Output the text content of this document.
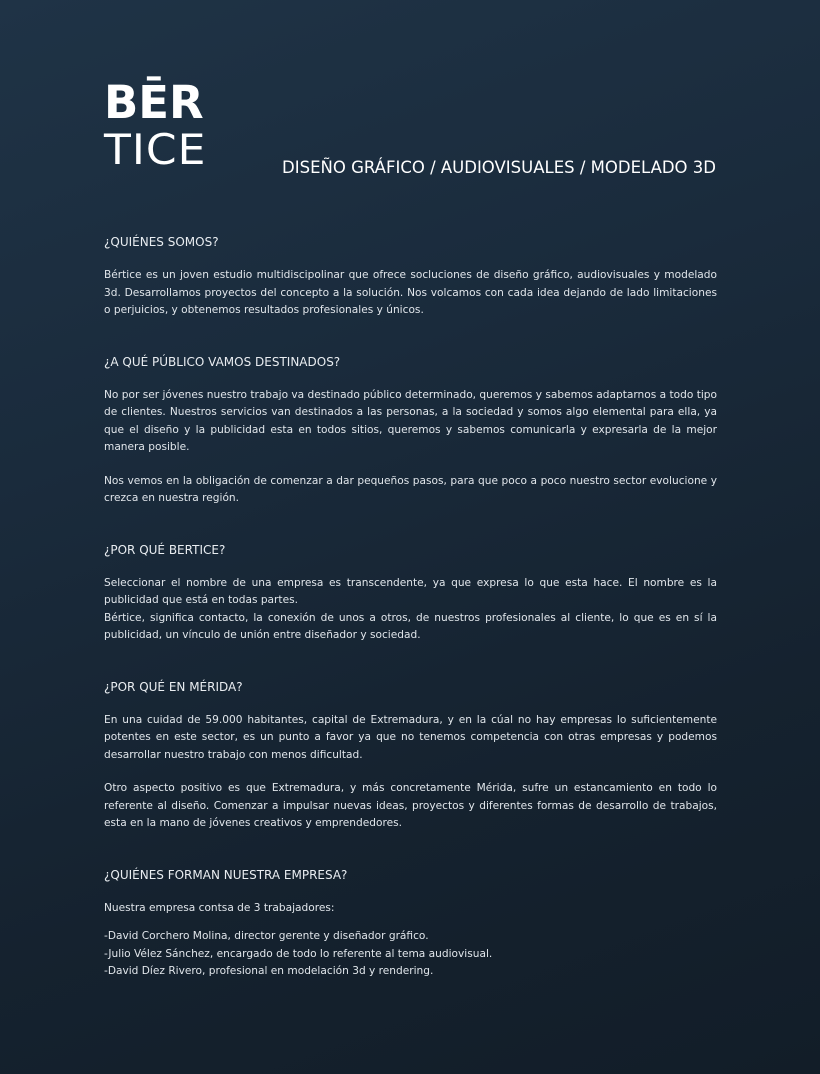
BĒR
TICE	DISEÑO GRÁFICO / AUDIOVISUALES / MODELADO 3D
¿QUIÉNES SOMOS?

Bértice es un joven estudio multidiscipolinar que ofrece socluciones de diseño gráfico, audiovisuales y modelado 3d. Desarrollamos proyectos del concepto a la solución. Nos volcamos con cada idea dejando de lado limitaciones o perjuicios, y obtenemos resultados profesionales y únicos.

¿A QUÉ PÚBLICO VAMOS DESTINADOS?

No por ser jóvenes nuestro trabajo va destinado público determinado, queremos y sabemos adaptarnos a todo tipo de clientes. Nuestros servicios van destinados a las personas, a la sociedad y somos algo elemental para ella, ya que el diseño y la publicidad esta en todos sitios, queremos y sabemos comunicarla y expresarla de la mejor manera posible.

Nos vemos en la obligación de comenzar a dar pequeños pasos, para que poco a poco nuestro sector evolucione y crezca en nuestra región.

¿POR QUÉ BERTICE?

Seleccionar el nombre de una empresa es transcendente, ya que expresa lo que esta hace. El nombre es la publicidad que está en todas partes.

Bértice, significa contacto, la conexión de unos a otros, de nuestros profesionales al cliente, lo que es en sí la publicidad, un vínculo de unión entre diseñador y sociedad.

¿POR QUÉ EN MÉRIDA?

En una cuidad de 59.000 habitantes, capital de Extremadura, y en la cúal no hay empresas lo suficientemente potentes en este sector, es un punto a favor ya que no tenemos competencia con otras empresas y podemos desarrollar nuestro trabajo con menos dificultad.

Otro aspecto positivo es que Extremadura, y más concretamente Mérida, sufre un estancamiento en todo lo referente al diseño. Comenzar a impulsar nuevas ideas, proyectos y diferentes formas de desarrollo de trabajos, esta en la mano de jóvenes creativos y emprendedores.

¿QUIÉNES FORMAN NUESTRA EMPRESA?

Nuestra empresa contsa de 3 trabajadores:

-David Corchero Molina, director gerente y diseñador gráfico.

-Julio Vélez Sánchez, encargado de todo lo referente al tema audiovisual.

-David Díez Rivero, profesional en modelación 3d y rendering.
